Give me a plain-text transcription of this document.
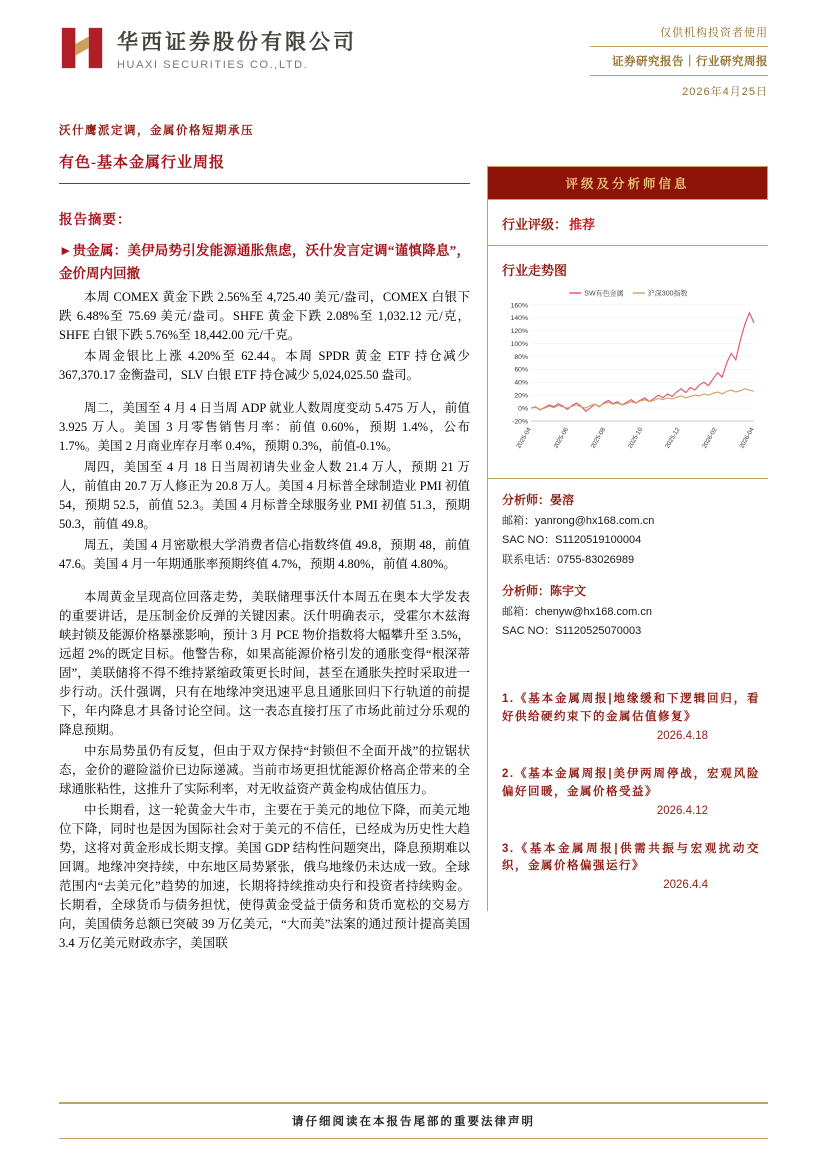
华西证券股份有限公司
HUAXI SECURITIES CO.,LTD.
仅供机构投资者使用
证券研究报告｜行业研究周报
2026年4月25日
沃什鹰派定调，金属价格短期承压
有色-基本金属行业周报
报告摘要：
►贵金属：美伊局势引发能源通胀焦虑，沃什发言定调“谨慎降息”，金价周内回撤

本周 COMEX 黄金下跌 2.56%至 4,725.40 美元/盎司，COMEX 白银下跌 6.48%至 75.69 美元/盎司。SHFE 黄金下跌 2.08%至 1,032.12 元/克，SHFE 白银下跌 5.76%至 18,442.00 元/千克。

本周金银比上涨 4.20%至 62.44。本周 SPDR 黄金 ETF 持仓减少 367,370.17 金衡盎司，SLV 白银 ETF 持仓减少 5,024,025.50 盎司。

周二，美国至 4 月 4 日当周 ADP 就业人数周度变动 5.475 万人，前值 3.925 万人。美国 3 月零售销售月率：前值 0.60%，预期 1.4%，公布 1.7%。美国 2 月商业库存月率 0.4%，预期 0.3%，前值-0.1%。

周四，美国至 4 月 18 日当周初请失业金人数 21.4 万人，预期 21 万人，前值由 20.7 万人修正为 20.8 万人。美国 4 月标普全球制造业 PMI 初值 54，预期 52.5，前值 52.3。美国 4 月标普全球服务业 PMI 初值 51.3，预期 50.3，前值 49.8。

周五，美国 4 月密歇根大学消费者信心指数终值 49.8，预期 48，前值 47.6。美国 4 月一年期通胀率预期终值 4.7%，预期 4.80%，前值 4.80%。

本周黄金呈现高位回落走势，美联储理事沃什本周五在奥本大学发表的重要讲话，是压制金价反弹的关键因素。沃什明确表示，受霍尔木兹海峡封锁及能源价格暴涨影响，预计 3 月 PCE 物价指数将大幅攀升至 3.5%，远超 2%的既定目标。他警告称，如果高能源价格引发的通胀变得“根深蒂固”，美联储将不得不维持紧缩政策更长时间，甚至在通胀失控时采取进一步行动。沃什强调，只有在地缘冲突迅速平息且通胀回归下行轨道的前提下，年内降息才具备讨论空间。这一表态直接打压了市场此前过分乐观的降息预期。

中东局势虽仍有反复，但由于双方保持“封锁但不全面开战”的拉锯状态，金价的避险溢价已边际递减。当前市场更担忧能源价格高企带来的全球通胀粘性，这推升了实际利率，对无收益资产黄金构成估值压力。

中长期看，这一轮黄金大牛市，主要在于美元的地位下降，而美元地位下降，同时也是因为国际社会对于美元的不信任，已经成为历史性大趋势，这将对黄金形成长期支撑。美国 GDP 结构性问题突出，降息预期难以回调。地缘冲突持续，中东地区局势紧张，俄乌地缘仍未达成一致。全球范围内“去美元化”趋势的加速，长期将持续推动央行和投资者持续购金。长期看，全球货币与债务担忧，使得黄金受益于债务和货币宽松的交易方向，美国债务总额已突破 39 万亿美元，“大而美”法案的通过预计提高美国 3.4 万亿美元财政赤字，美国联

评级及分析师信息
行业评级： 推荐
行业走势图
160%
140%
120%
100%
80%
60%
40%
20%
0%
-20%
2025-04	2025-06	2025-08	2025-10	2025-12	2026-02	2026-04
SW有色金属	沪深300指数
分析师：晏溶
邮箱：yanrong@hx168.com.cn
SAC NO：S1120519100004
联系电话：0755-83026989
分析师：陈宇文
邮箱：chenyw@hx168.com.cn
SAC NO：S1120525070003
1.《基本金属周报|地缘缓和下逻辑回归，看好供给硬约束下的金属估值修复》
2026.4.18
2.《基本金属周报|美伊两周停战，宏观风险偏好回暖，金属价格受益》
2026.4.12
3.《基本金属周报|供需共振与宏观扰动交织，金属价格偏强运行》
2026.4.4
请仔细阅读在本报告尾部的重要法律声明
